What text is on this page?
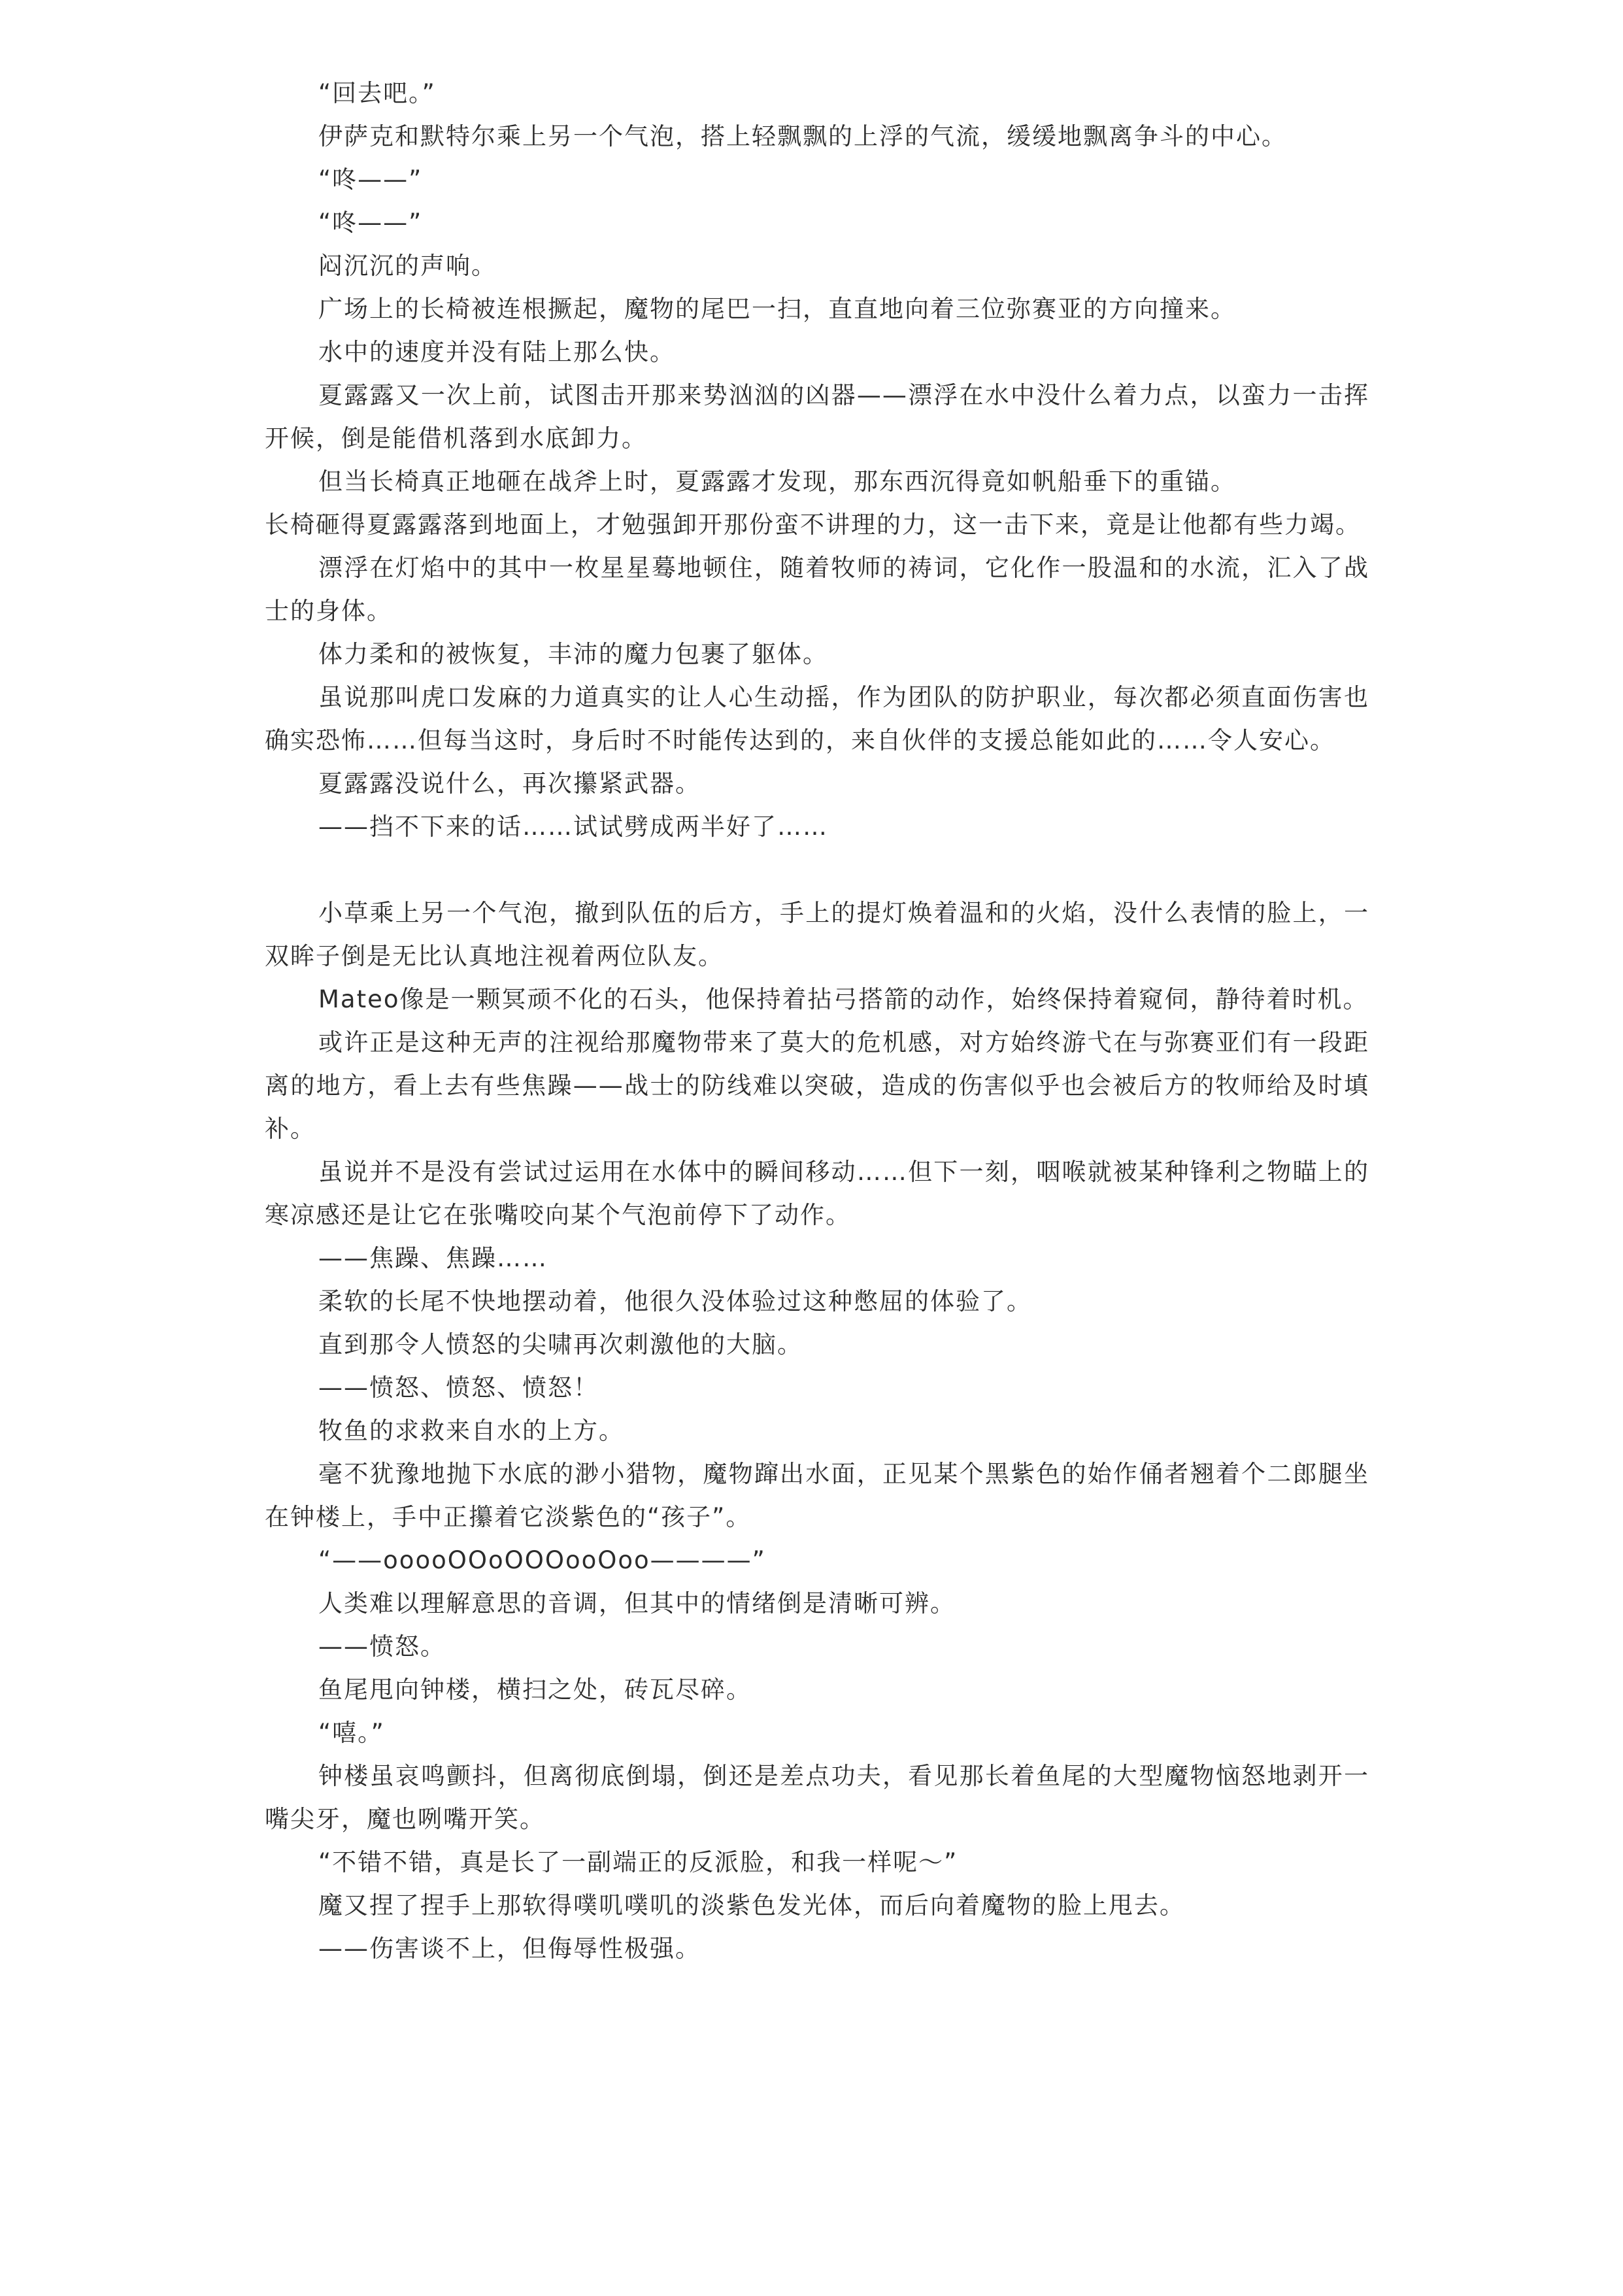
“回去吧。”

伊萨克和默特尔乘上另一个气泡，搭上轻飘飘的上浮的气流，缓缓地飘离争斗的中心。

“咚——”

“咚——”

闷沉沉的声响。

广场上的长椅被连根撅起，魔物的尾巴一扫，直直地向着三位弥赛亚的方向撞来。

水中的速度并没有陆上那么快。

夏露露又一次上前，试图击开那来势汹汹的凶器——漂浮在水中没什么着力点，以蛮力一击挥开候，倒是能借机落到水底卸力。

但当长椅真正地砸在战斧上时，夏露露才发现，那东西沉得竟如帆船垂下的重锚。

长椅砸得夏露露落到地面上，才勉强卸开那份蛮不讲理的力，这一击下来，竟是让他都有些力竭。

漂浮在灯焰中的其中一枚星星蓦地顿住，随着牧师的祷词，它化作一股温和的水流，汇入了战士的身体。

体力柔和的被恢复，丰沛的魔力包裹了躯体。

虽说那叫虎口发麻的力道真实的让人心生动摇，作为团队的防护职业，每次都必须直面伤害也确实恐怖……但每当这时，身后时不时能传达到的，来自伙伴的支援总能如此的……令人安心。

夏露露没说什么，再次攥紧武器。

——挡不下来的话……试试劈成两半好了……

小草乘上另一个气泡，撤到队伍的后方，手上的提灯焕着温和的火焰，没什么表情的脸上，一双眸子倒是无比认真地注视着两位队友。

Mateo像是一颗冥顽不化的石头，他保持着拈弓搭箭的动作，始终保持着窥伺，静待着时机。

或许正是这种无声的注视给那魔物带来了莫大的危机感，对方始终游弋在与弥赛亚们有一段距离的地方，看上去有些焦躁——战士的防线难以突破，造成的伤害似乎也会被后方的牧师给及时填补。

虽说并不是没有尝试过运用在水体中的瞬间移动……但下一刻，咽喉就被某种锋利之物瞄上的寒凉感还是让它在张嘴咬向某个气泡前停下了动作。

——焦躁、焦躁……

柔软的长尾不快地摆动着，他很久没体验过这种憋屈的体验了。

直到那令人愤怒的尖啸再次刺激他的大脑。

——愤怒、愤怒、愤怒！

牧鱼的求救来自水的上方。

毫不犹豫地抛下水底的渺小猎物，魔物蹿出水面，正见某个黑紫色的始作俑者翘着个二郎腿坐在钟楼上，手中正攥着它淡紫色的“孩子”。

“——ooooOOoOOOooOoo————”

人类难以理解意思的音调，但其中的情绪倒是清晰可辨。

——愤怒。

鱼尾甩向钟楼，横扫之处，砖瓦尽碎。

“嘻。”

钟楼虽哀鸣颤抖，但离彻底倒塌，倒还是差点功夫，看见那长着鱼尾的大型魔物恼怒地剥开一嘴尖牙，魔也咧嘴开笑。

“不错不错，真是长了一副端正的反派脸，和我一样呢～”

魔又捏了捏手上那软得噗叽噗叽的淡紫色发光体，而后向着魔物的脸上甩去。

——伤害谈不上，但侮辱性极强。
